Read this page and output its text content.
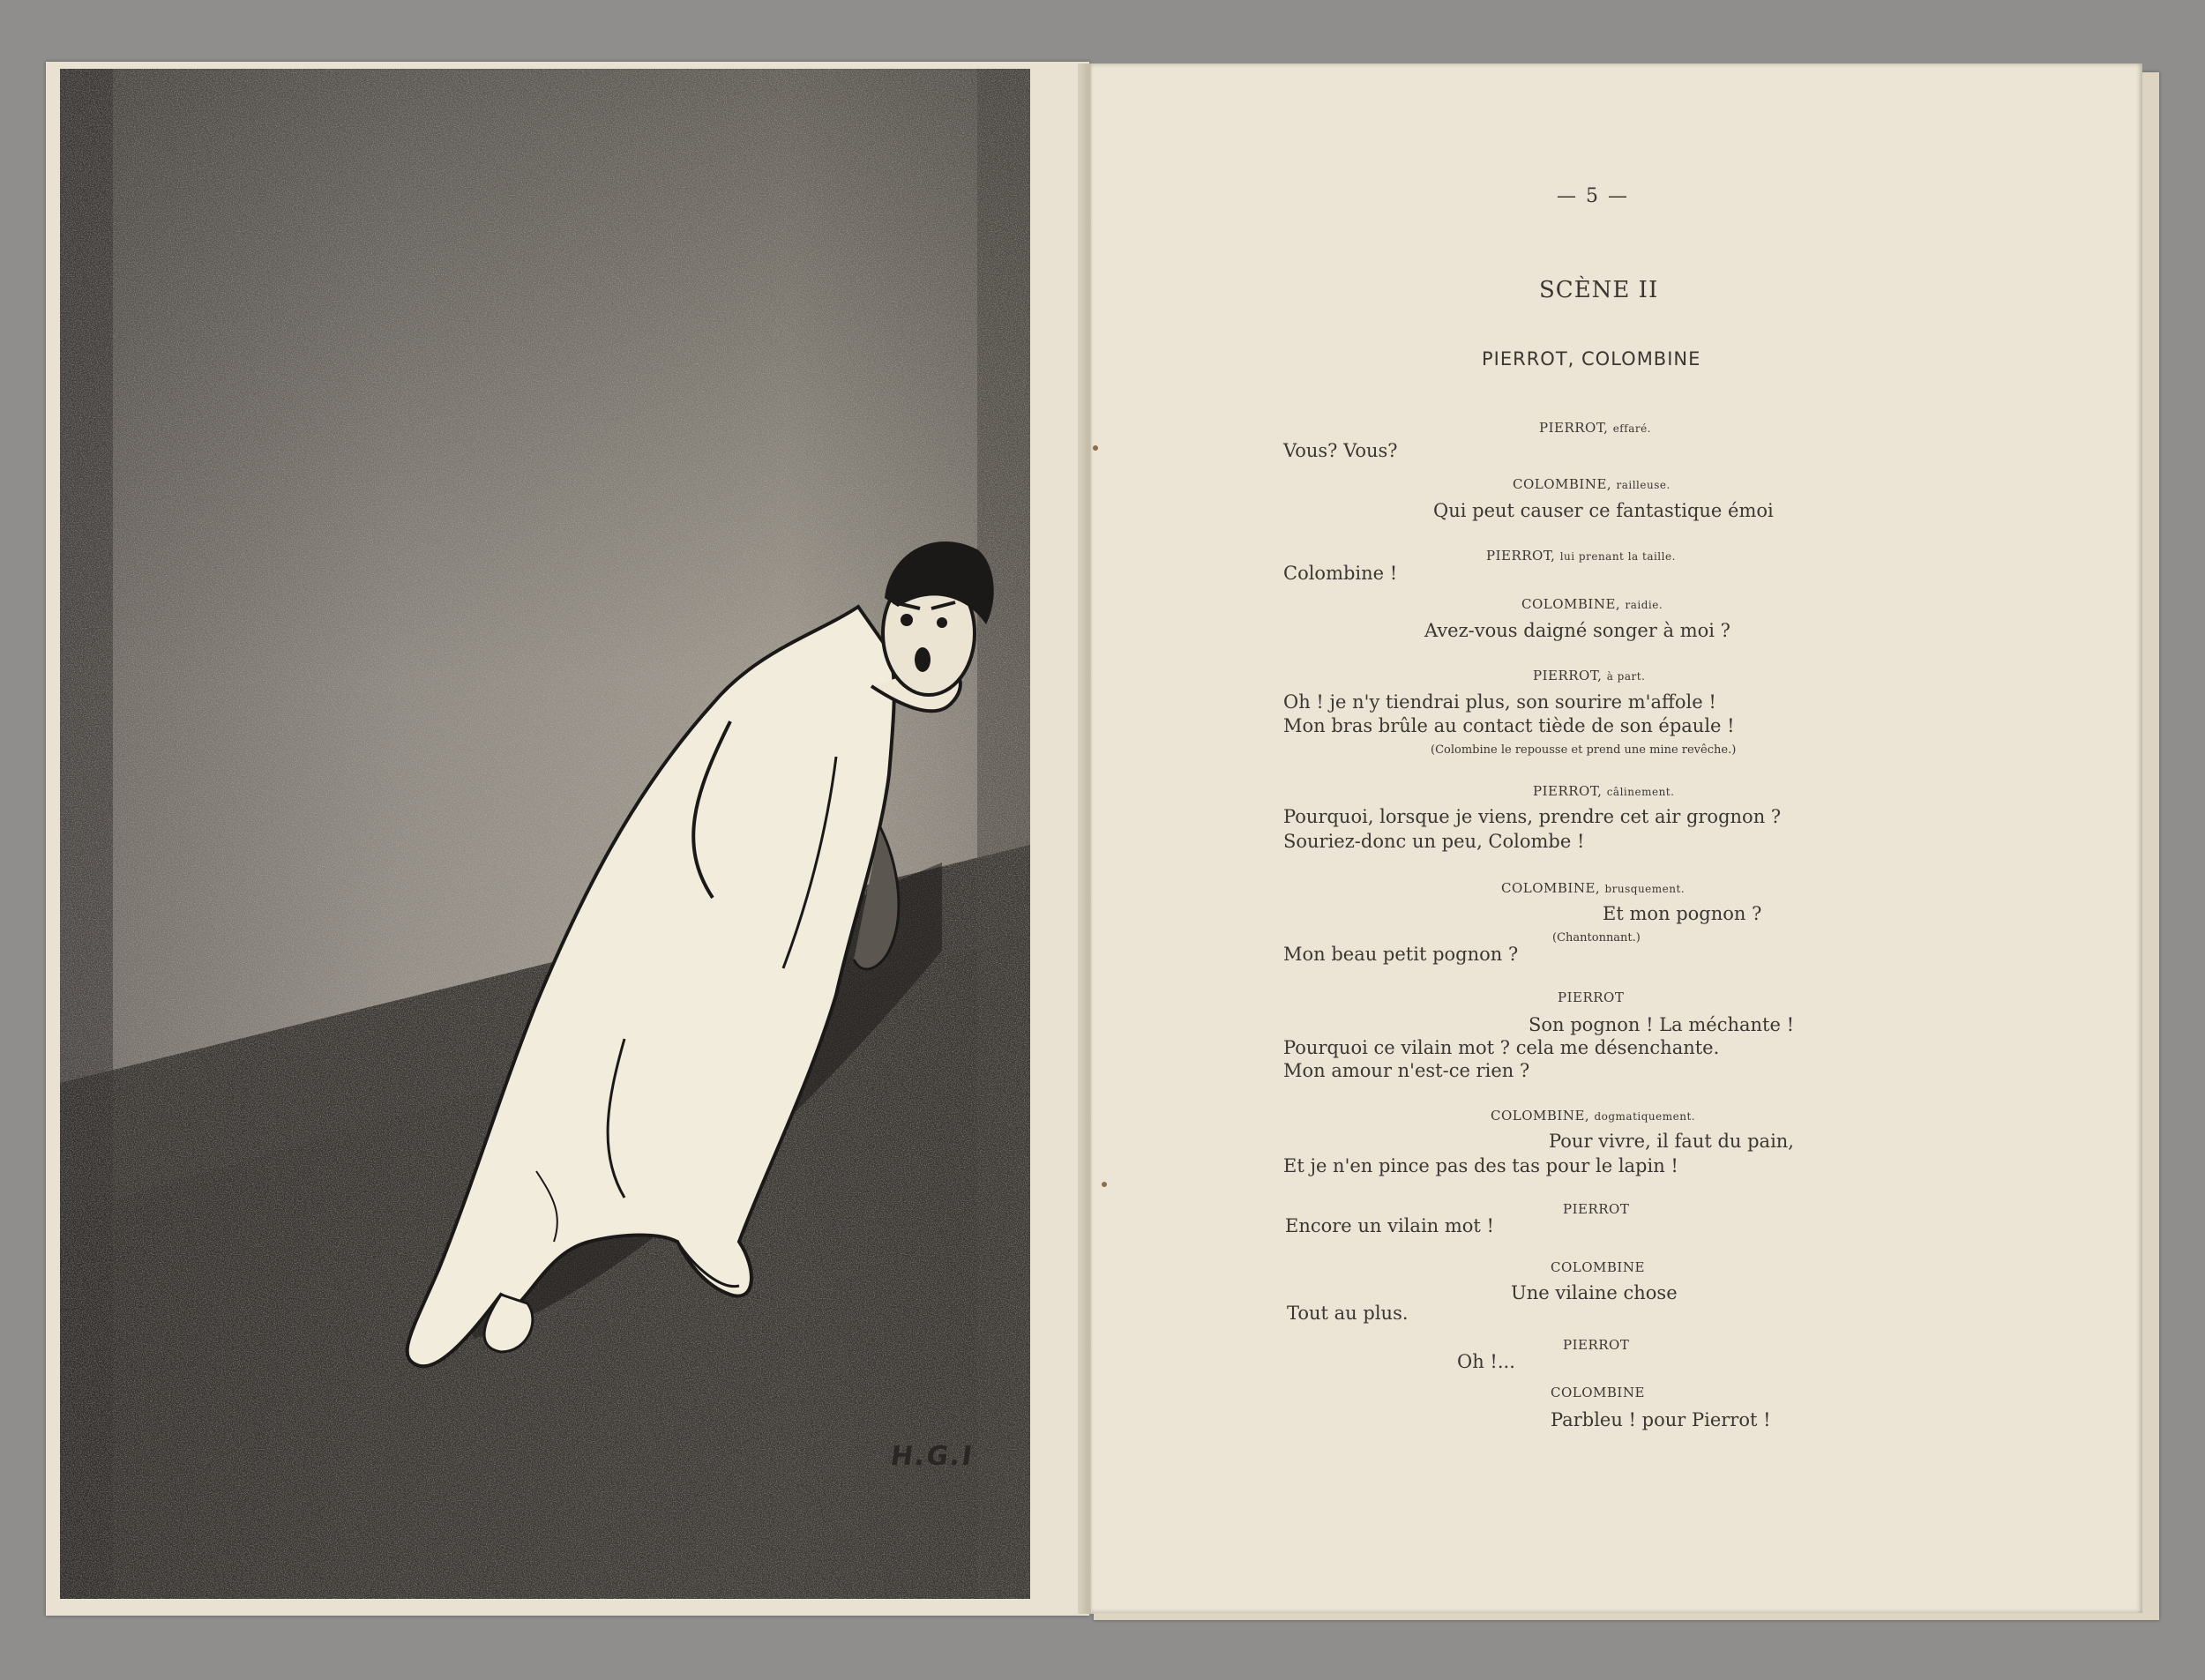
H.G.I
— 5 —
SCÈNE II
PIERROT, COLOMBINE
PIERROT, effaré.
Vous? Vous?
COLOMBINE, railleuse.
Qui peut causer ce fantastique émoi
PIERROT, lui prenant la taille.
Colombine !
COLOMBINE, raidie.
Avez-vous daigné songer à moi ?
PIERROT, à part.
Oh ! je n'y tiendrai plus, son sourire m'affole !
Mon bras brûle au contact tiède de son épaule !
(Colombine le repousse et prend une mine revêche.)
PIERROT, câlinement.
Pourquoi, lorsque je viens, prendre cet air grognon ?
Souriez-donc un peu, Colombe !
COLOMBINE, brusquement.
Et mon pognon ?
(Chantonnant.)
Mon beau petit pognon ?
PIERROT
Son pognon ! La méchante !
Pourquoi ce vilain mot ? cela me désenchante.
Mon amour n'est-ce rien ?
COLOMBINE, dogmatiquement.
Pour vivre, il faut du pain,
Et je n'en pince pas des tas pour le lapin !
PIERROT
Encore un vilain mot !
COLOMBINE
Une vilaine chose
Tout au plus.
PIERROT
Oh !...
COLOMBINE
Parbleu ! pour Pierrot !
